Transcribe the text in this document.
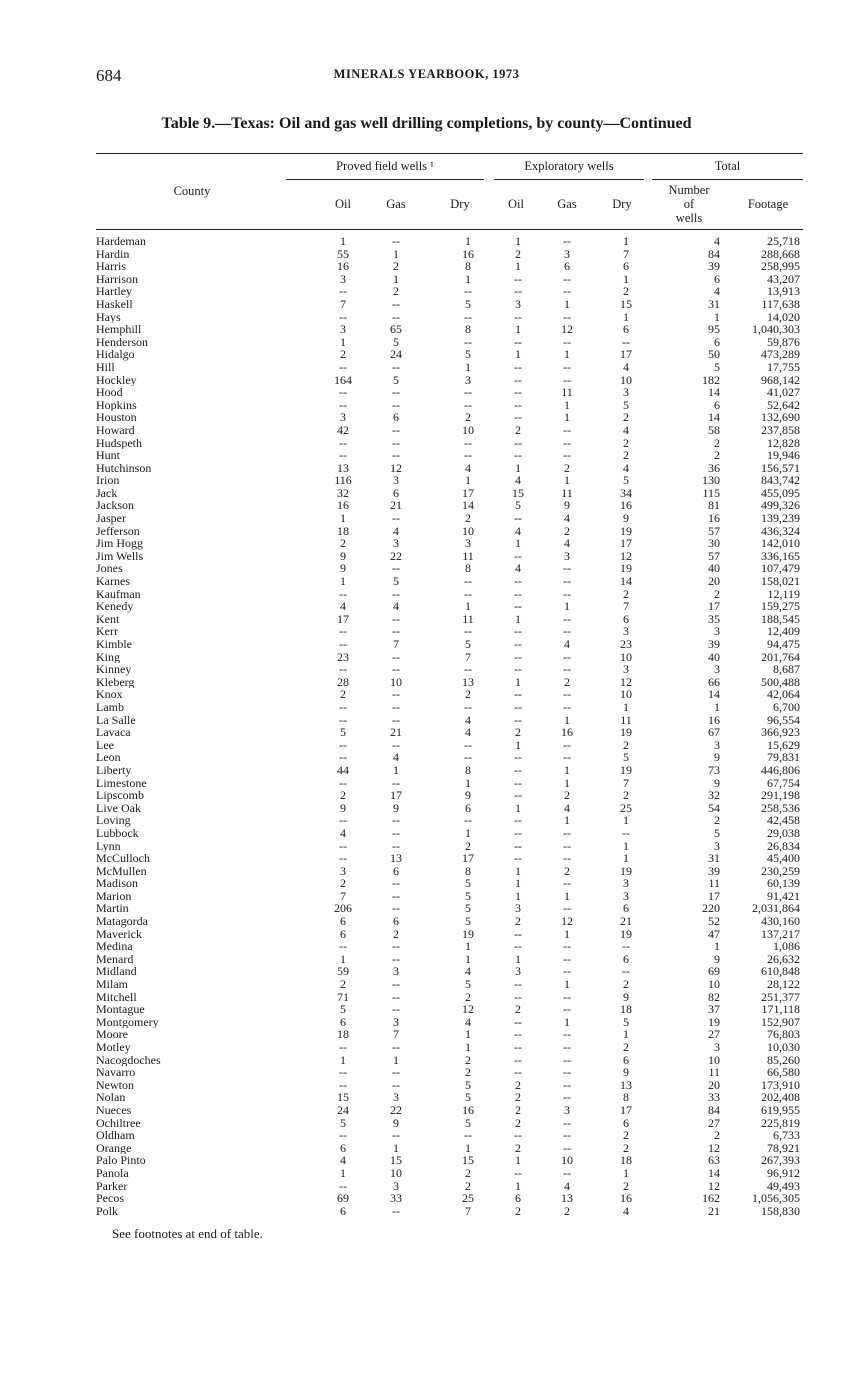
684	MINERALS YEARBOOK, 1973
Table 9.—Texas: Oil and gas well drilling completions, by county—Continued
County
Proved field wells ¹	Exploratory wells	Total
Oil	Gas	Dry	Oil	Gas	Dry
Number
of
wells
Footage
Hardeman	1	--	1	1	--	1	4	25,718
Hardin	55	1	16	2	3	7	84	288,668
Harris	16	2	8	1	6	6	39	258,995
Harrison	3	1	1	--	--	1	6	43,207
Hartley	--	2	--	--	--	2	4	13,913
Haskell	7	--	5	3	1	15	31	117,638
Hays	--	--	--	--	--	1	1	14,020
Hemphill	3	65	8	1	12	6	95	1,040,303
Henderson	1	5	--	--	--	--	6	59,876
Hidalgo	2	24	5	1	1	17	50	473,289
Hill	--	--	1	--	--	4	5	17,755
Hockley	164	5	3	--	--	10	182	968,142
Hood	--	--	--	--	11	3	14	41,027
Hopkins	--	--	--	--	1	5	6	52,642
Houston	3	6	2	--	1	2	14	132,690
Howard	42	--	10	2	--	4	58	237,858
Hudspeth	--	--	--	--	--	2	2	12,828
Hunt	--	--	--	--	--	2	2	19,946
Hutchinson	13	12	4	1	2	4	36	156,571
Irion	116	3	1	4	1	5	130	843,742
Jack	32	6	17	15	11	34	115	455,095
Jackson	16	21	14	5	9	16	81	499,326
Jasper	1	--	2	--	4	9	16	139,239
Jefferson	18	4	10	4	2	19	57	436,324
Jim Hogg	2	3	3	1	4	17	30	142,010
Jim Wells	9	22	11	--	3	12	57	336,165
Jones	9	--	8	4	--	19	40	107,479
Karnes	1	5	--	--	--	14	20	158,021
Kaufman	--	--	--	--	--	2	2	12,119
Kenedy	4	4	1	--	1	7	17	159,275
Kent	17	--	11	1	--	6	35	188,545
Kerr	--	--	--	--	--	3	3	12,409
Kimble	--	7	5	--	4	23	39	94,475
King	23	--	7	--	--	10	40	201,764
Kinney	--	--	--	--	--	3	3	8,687
Kleberg	28	10	13	1	2	12	66	500,488
Knox	2	--	2	--	--	10	14	42,064
Lamb	--	--	--	--	--	1	1	6,700
La Salle	--	--	4	--	1	11	16	96,554
Lavaca	5	21	4	2	16	19	67	366,923
Lee	--	--	--	1	--	2	3	15,629
Leon	--	4	--	--	--	5	9	79,831
Liberty	44	1	8	--	1	19	73	446,806
Limestone	--	--	1	--	1	7	9	67,754
Lipscomb	2	17	9	--	2	2	32	291,198
Live Oak	9	9	6	1	4	25	54	258,536
Loving	--	--	--	--	1	1	2	42,458
Lubbock	4	--	1	--	--	--	5	29,038
Lynn	--	--	2	--	--	1	3	26,834
McCulloch	--	13	17	--	--	1	31	45,400
McMullen	3	6	8	1	2	19	39	230,259
Madison	2	--	5	1	--	3	11	60,139
Marion	7	--	5	1	1	3	17	91,421
Martin	206	--	5	3	--	6	220	2,031,864
Matagorda	6	6	5	2	12	21	52	430,160
Maverick	6	2	19	--	1	19	47	137,217
Medina	--	--	1	--	--	--	1	1,086
Menard	1	--	1	1	--	6	9	26,632
Midland	59	3	4	3	--	--	69	610,848
Milam	2	--	5	--	1	2	10	28,122
Mitchell	71	--	2	--	--	9	82	251,377
Montague	5	--	12	2	--	18	37	171,118
Montgomery	6	3	4	--	1	5	19	152,907
Moore	18	7	1	--	--	1	27	76,803
Motley	--	--	1	--	--	2	3	10,030
Nacogdoches	1	1	2	--	--	6	10	85,260
Navarro	--	--	2	--	--	9	11	66,580
Newton	--	--	5	2	--	13	20	173,910
Nolan	15	3	5	2	--	8	33	202,408
Nueces	24	22	16	2	3	17	84	619,955
Ochiltree	5	9	5	2	--	6	27	225,819
Oldham	--	--	--	--	--	2	2	6,733
Orange	6	1	1	2	--	2	12	78,921
Palo Pinto	4	15	15	1	10	18	63	267,393
Panola	1	10	2	--	--	1	14	96,912
Parker	--	3	2	1	4	2	12	49,493
Pecos	69	33	25	6	13	16	162	1,056,305
Polk	6	--	7	2	2	4	21	158,830
See footnotes at end of table.
